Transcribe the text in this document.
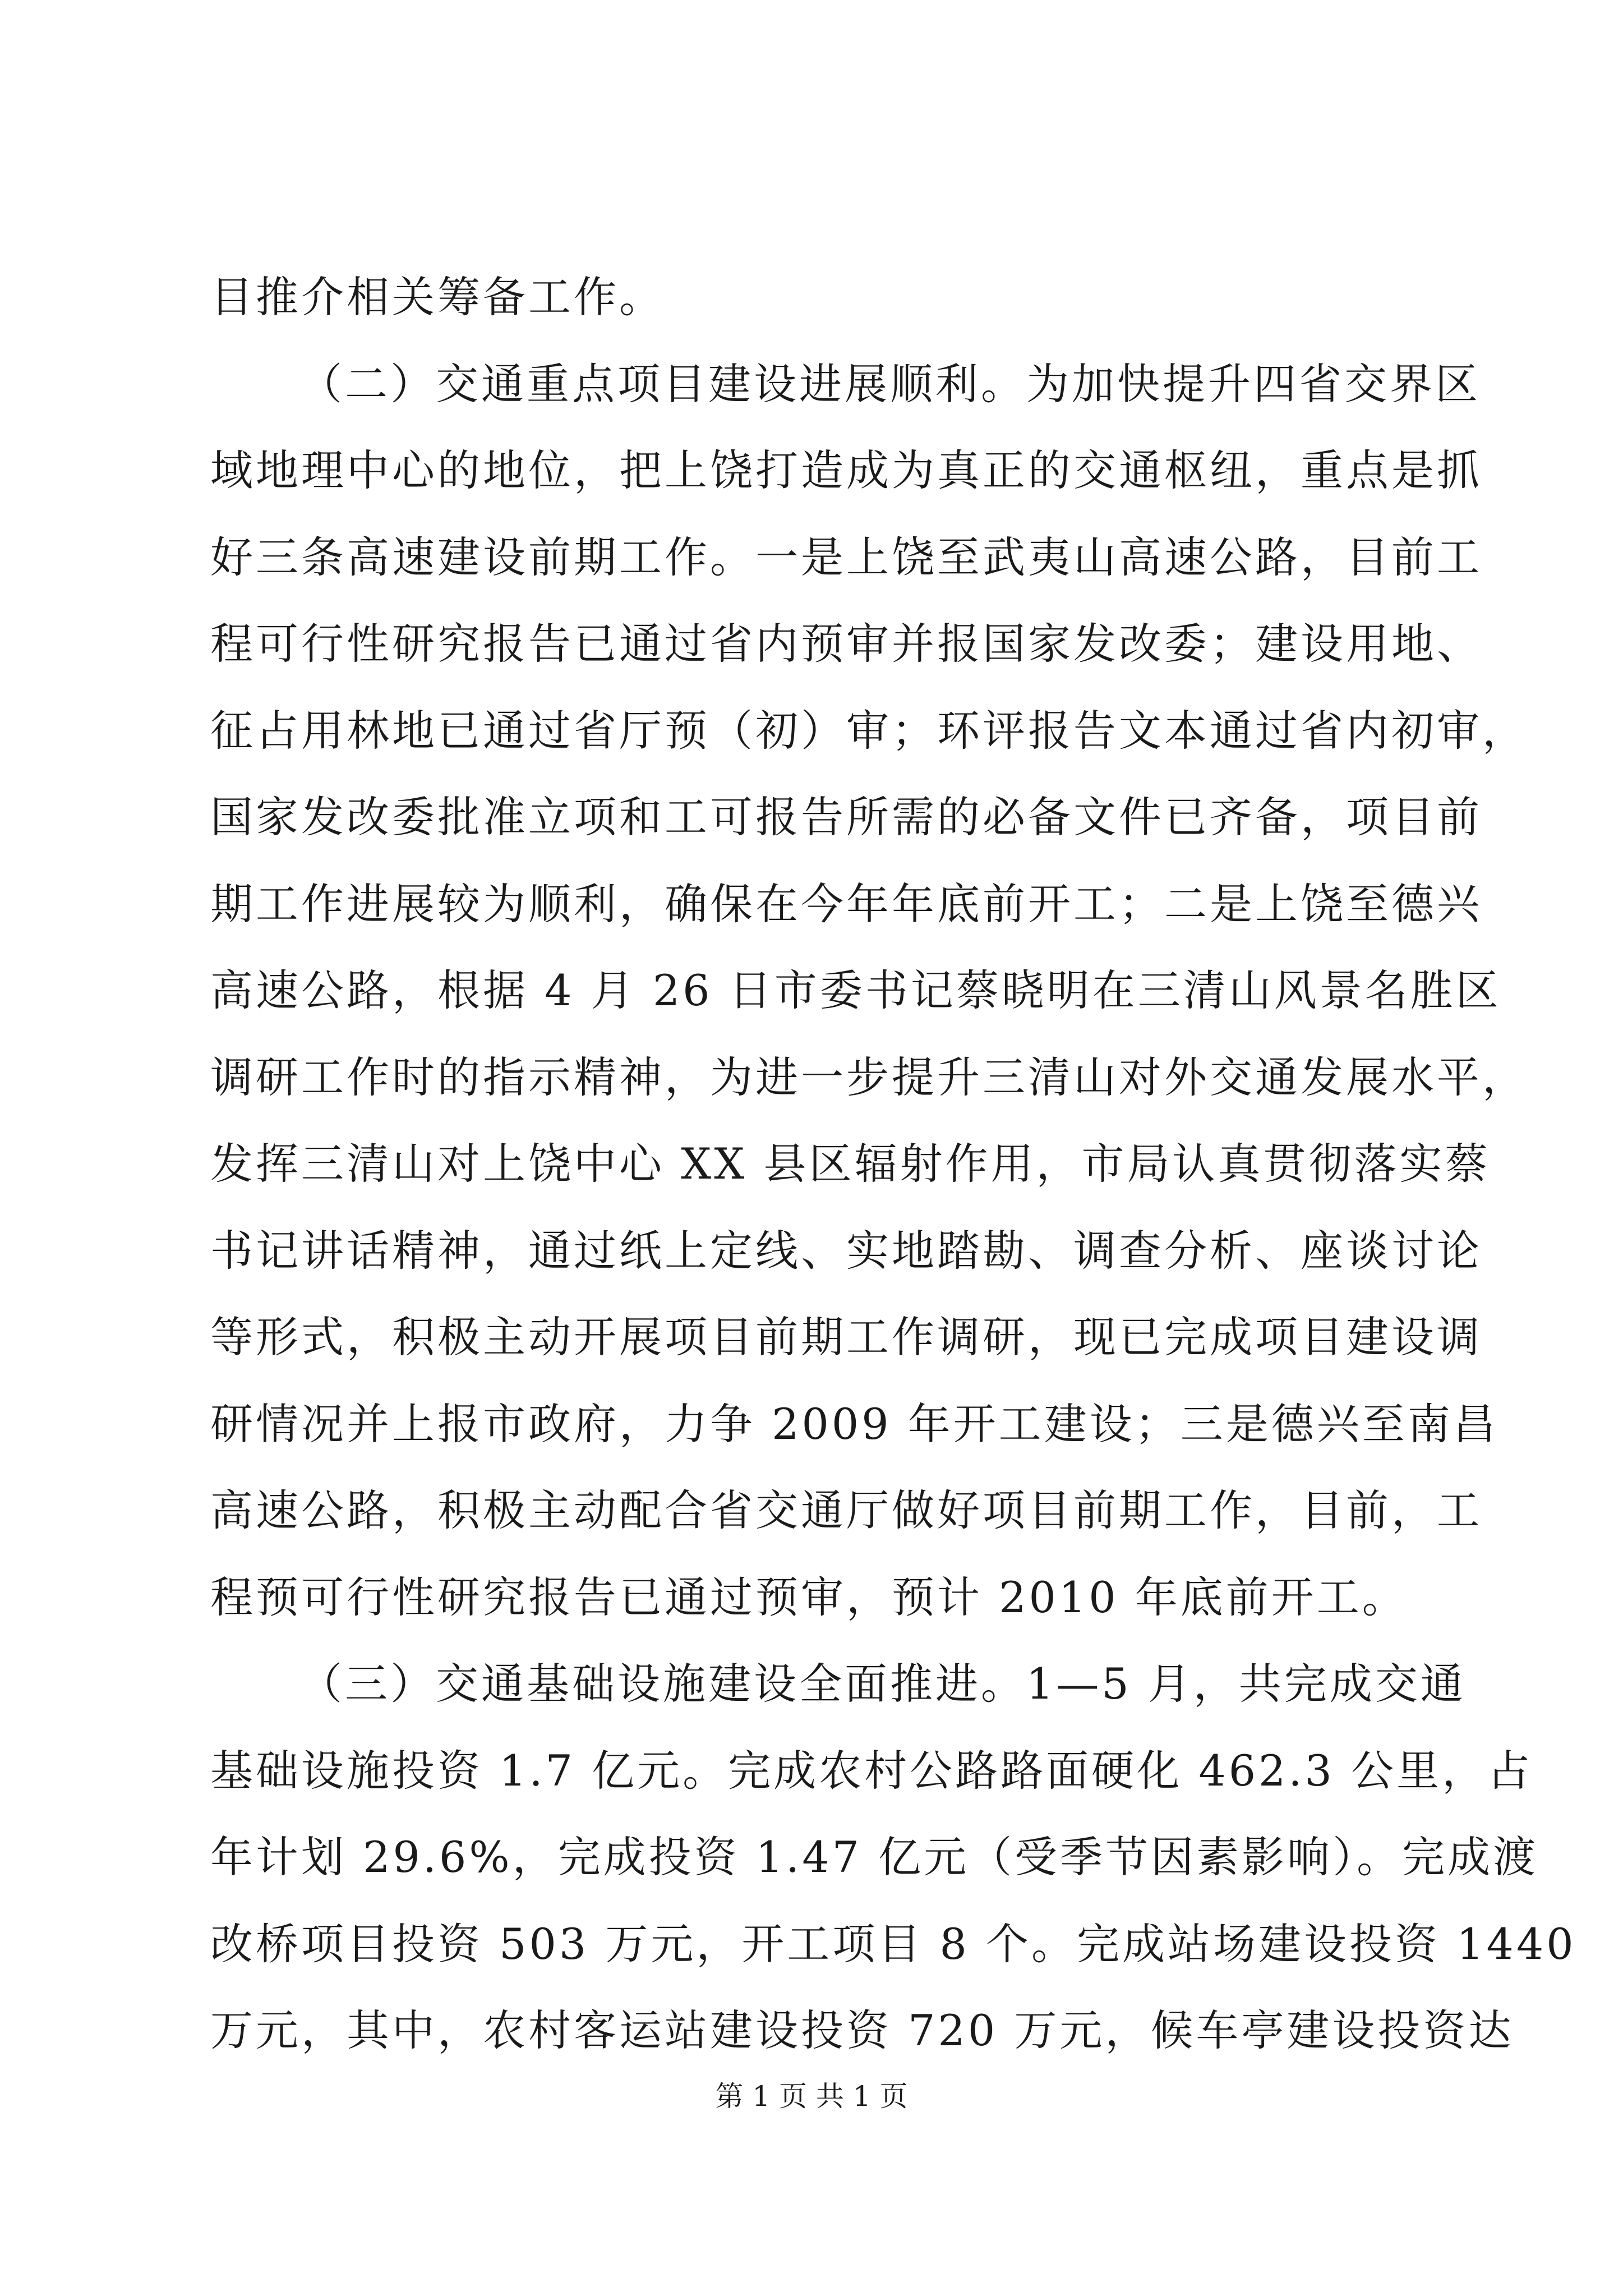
目推介相关筹备工作。
（二）交通重点项目建设进展顺利。为加快提升四省交界区
域地理中心的地位，把上饶打造成为真正的交通枢纽，重点是抓
好三条高速建设前期工作。一是上饶至武夷山高速公路，目前工
程可行性研究报告已通过省内预审并报国家发改委；建设用地、
征占用林地已通过省厅预（初）审；环评报告文本通过省内初审，
国家发改委批准立项和工可报告所需的必备文件已齐备，项目前
期工作进展较为顺利，确保在今年年底前开工；二是上饶至德兴
高速公路，根据 4 月 26 日市委书记蔡晓明在三清山风景名胜区
调研工作时的指示精神，为进一步提升三清山对外交通发展水平，
发挥三清山对上饶中心 XX 县区辐射作用，市局认真贯彻落实蔡
书记讲话精神，通过纸上定线、实地踏勘、调查分析、座谈讨论
等形式，积极主动开展项目前期工作调研，现已完成项目建设调
研情况并上报市政府，力争 2009 年开工建设；三是德兴至南昌
高速公路，积极主动配合省交通厅做好项目前期工作，目前，工
程预可行性研究报告已通过预审，预计 2010 年底前开工。
（三）交通基础设施建设全面推进。1—5 月，共完成交通
基础设施投资 1.7 亿元。完成农村公路路面硬化 462.3 公里，占
年计划 29.6%，完成投资 1.47 亿元（受季节因素影响）。完成渡
改桥项目投资 503 万元，开工项目 8 个。完成站场建设投资 1440
万元，其中，农村客运站建设投资 720 万元，候车亭建设投资达
第 1 页 共 1 页
